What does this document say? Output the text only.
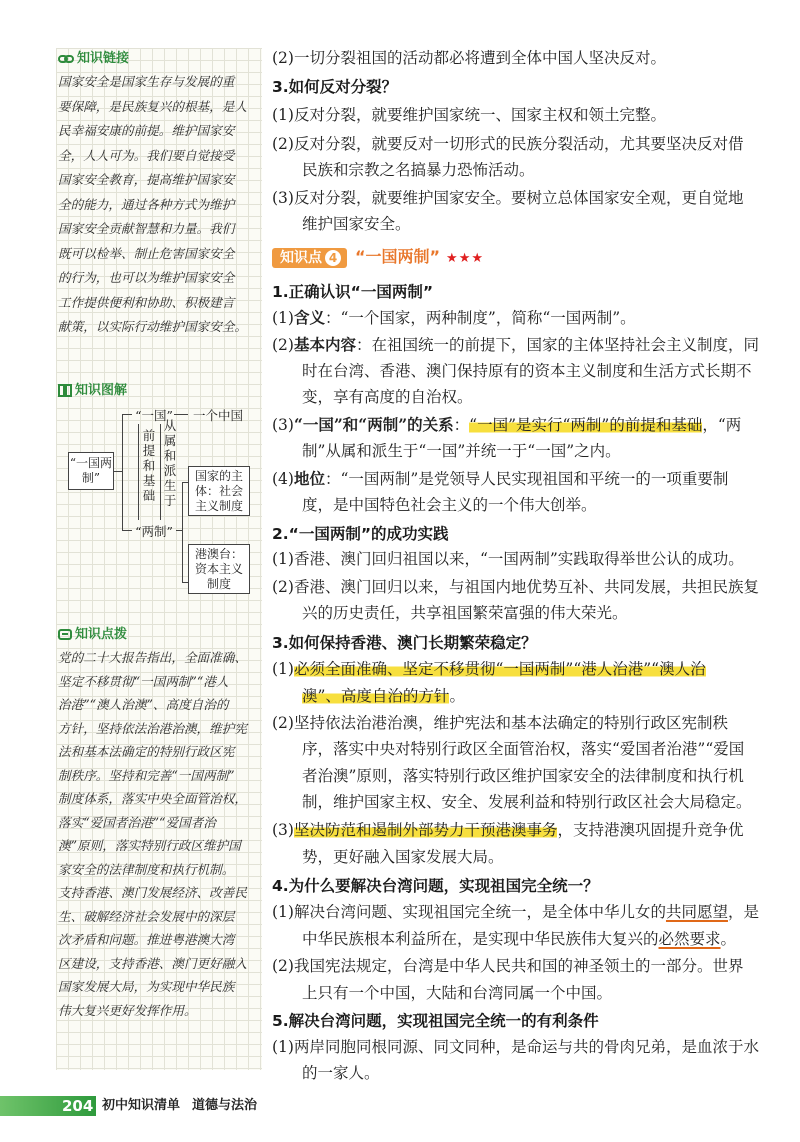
知识链接
国家安全是国家生存与发展的重
要保障，是民族复兴的根基，是人
民幸福安康的前提。维护国家安
全，人人可为。我们要自觉接受
国家安全教育，提高维护国家安
全的能力，通过各种方式为维护
国家安全贡献智慧和力量。我们
既可以检举、制止危害国家安全
的行为，也可以为维护国家安全
工作提供便利和协助、积极建言
献策，以实际行动维护国家安全。
知识图解
“一国两制”
“一国”	一个中国
“两制”
前提和基础
从属和派生于
国家的主体：社会主义制度
港澳台：资本主义制度
知识点拨
党的二十大报告指出，全面准确、
坚定不移贯彻“一国两制”“港人
治港”“澳人治澳”、高度自治的
方针，坚持依法治港治澳，维护宪
法和基本法确定的特别行政区宪
制秩序。坚持和完善“一国两制”
制度体系，落实中央全面管治权，
落实“爱国者治港”“爱国者治
澳”原则，落实特别行政区维护国
家安全的法律制度和执行机制。
支持香港、澳门发展经济、改善民
生、破解经济社会发展中的深层
次矛盾和问题。推进粤港澳大湾
区建设，支持香港、澳门更好融入
国家发展大局，为实现中华民族
伟大复兴更好发挥作用。
(2)一切分裂祖国的活动都必将遭到全体中国人坚决反对。
3.如何反对分裂？
(1)反对分裂，就要维护国家统一、国家主权和领土完整。
(2)反对分裂，就要反对一切形式的民族分裂活动，尤其要坚决反对借
民族和宗教之名搞暴力恐怖活动。
(3)反对分裂，就要维护国家安全。要树立总体国家安全观，更自觉地
维护国家安全。
知识点 4 “一国两制” ★★★
1.正确认识“一国两制”
(1)含义：“一个国家，两种制度”，简称“一国两制”。
(2)基本内容：在祖国统一的前提下，国家的主体坚持社会主义制度，同
时在台湾、香港、澳门保持原有的资本主义制度和生活方式长期不
变，享有高度的自治权。
(3)“一国”和“两制”的关系：“一国”是实行“两制”的前提和基础，“两
制”从属和派生于“一国”并统一于“一国”之内。
(4)地位：“一国两制”是党领导人民实现祖国和平统一的一项重要制
度，是中国特色社会主义的一个伟大创举。
2.“一国两制”的成功实践
(1)香港、澳门回归祖国以来，“一国两制”实践取得举世公认的成功。
(2)香港、澳门回归以来，与祖国内地优势互补、共同发展，共担民族复
兴的历史责任，共享祖国繁荣富强的伟大荣光。
3.如何保持香港、澳门长期繁荣稳定？
(1)必须全面准确、坚定不移贯彻“一国两制”“港人治港”“澳人治
澳”、高度自治的方针。
(2)坚持依法治港治澳，维护宪法和基本法确定的特别行政区宪制秩
序，落实中央对特别行政区全面管治权，落实“爱国者治港”“爱国
者治澳”原则，落实特别行政区维护国家安全的法律制度和执行机
制，维护国家主权、安全、发展利益和特别行政区社会大局稳定。
(3)坚决防范和遏制外部势力干预港澳事务，支持港澳巩固提升竞争优
势，更好融入国家发展大局。
4.为什么要解决台湾问题，实现祖国完全统一？
(1)解决台湾问题、实现祖国完全统一，是全体中华儿女的共同愿望，是
中华民族根本利益所在，是实现中华民族伟大复兴的必然要求。
(2)我国宪法规定，台湾是中华人民共和国的神圣领土的一部分。世界
上只有一个中国，大陆和台湾同属一个中国。
5.解决台湾问题，实现祖国完全统一的有利条件
(1)两岸同胞同根同源、同文同种，是命运与共的骨肉兄弟，是血浓于水
的一家人。
204 初中知识清单 道德与法治
